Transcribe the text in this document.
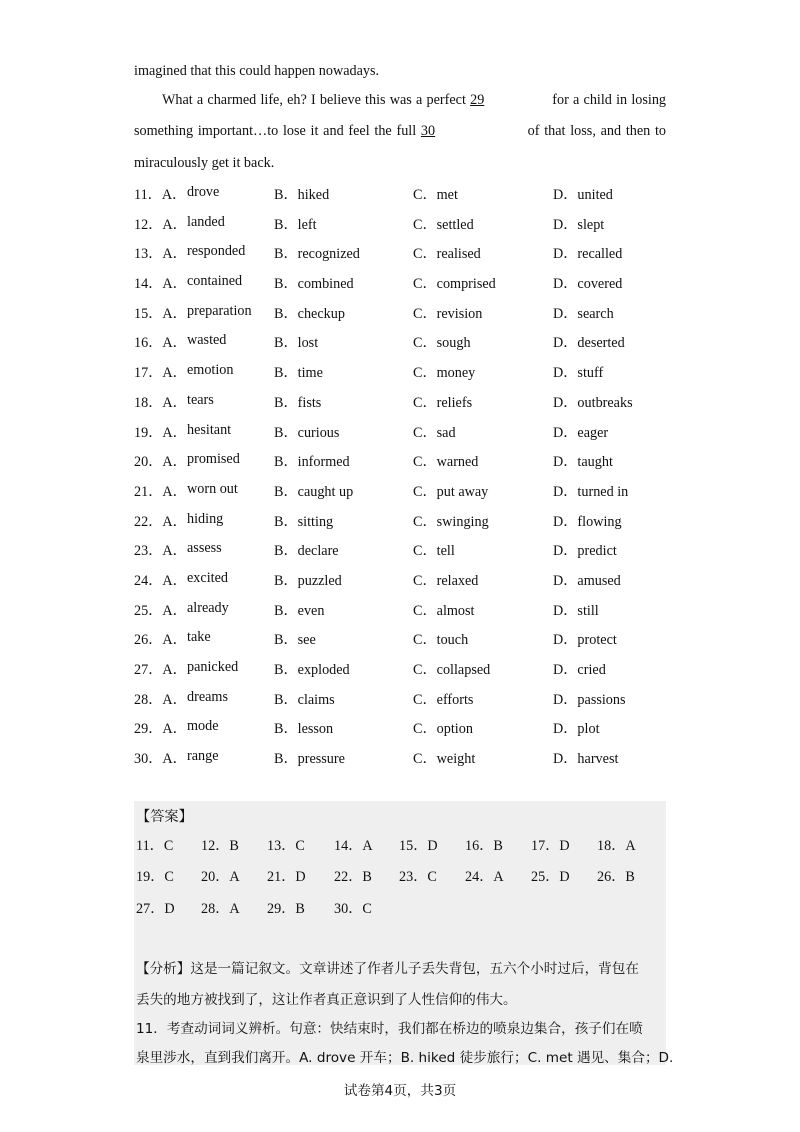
imagined that this could happen nowadays.
What a charmed life, eh? I believe this was a perfect 29	for a child in losing
something important…to lose it and feel the full 30	of that loss, and then to
miraculously get it back.
11．A． drove	B．hiked	C．met	D．united
12．A． landed	B．left	C．settled	D．slept
13．A． responded B．recognized	C．realised	D．recalled
14．A． contained B．combined	C．comprised	D．covered
15．A． preparation B．checkup	C．revision	D．search
16．A． wasted	B．lost	C．sough	D．deserted
17．A． emotion	B．time	C．money	D．stuff
18．A． tears	B．fists	C．reliefs	D．outbreaks
19．A． hesitant	B．curious	C．sad	D．eager
20．A． promised B．informed	C．warned	D．taught
21．A． worn out	B．caught up	C．put away	D．turned in
22．A． hiding	B．sitting	C．swinging	D．flowing
23．A． assess	B．declare	C．tell	D．predict
24．A． excited	B．puzzled	C．relaxed	D．amused
25．A． already	B．even	C．almost	D．still
26．A． take	B．see	C．touch	D．protect
27．A． panicked	B．exploded	C．collapsed	D．cried
28．A． dreams	B．claims	C．efforts	D．passions
29．A． mode	B．lesson	C．option	D．plot
30．A． range	B．pressure	C．weight	D．harvest
【答案】
11．C 12．B 13．C 14．A 15．D 16．B 17．D 18．A
19．C 20．A 21．D 22．B 23．C 24．A 25．D 26．B
27．D 28．A 29．B 30．C
【分析】这是一篇记叙文。文章讲述了作者儿子丢失背包，五六个小时过后，背包在
丢失的地方被找到了，这让作者真正意识到了人性信仰的伟大。
11．考查动词词义辨析。句意：快结束时，我们都在桥边的喷泉边集合，孩子们在喷
泉里涉水，直到我们离开。A. drove 开车；B. hiked 徒步旅行；C. met 遇见、集合；D.
试卷第4页，共3页
